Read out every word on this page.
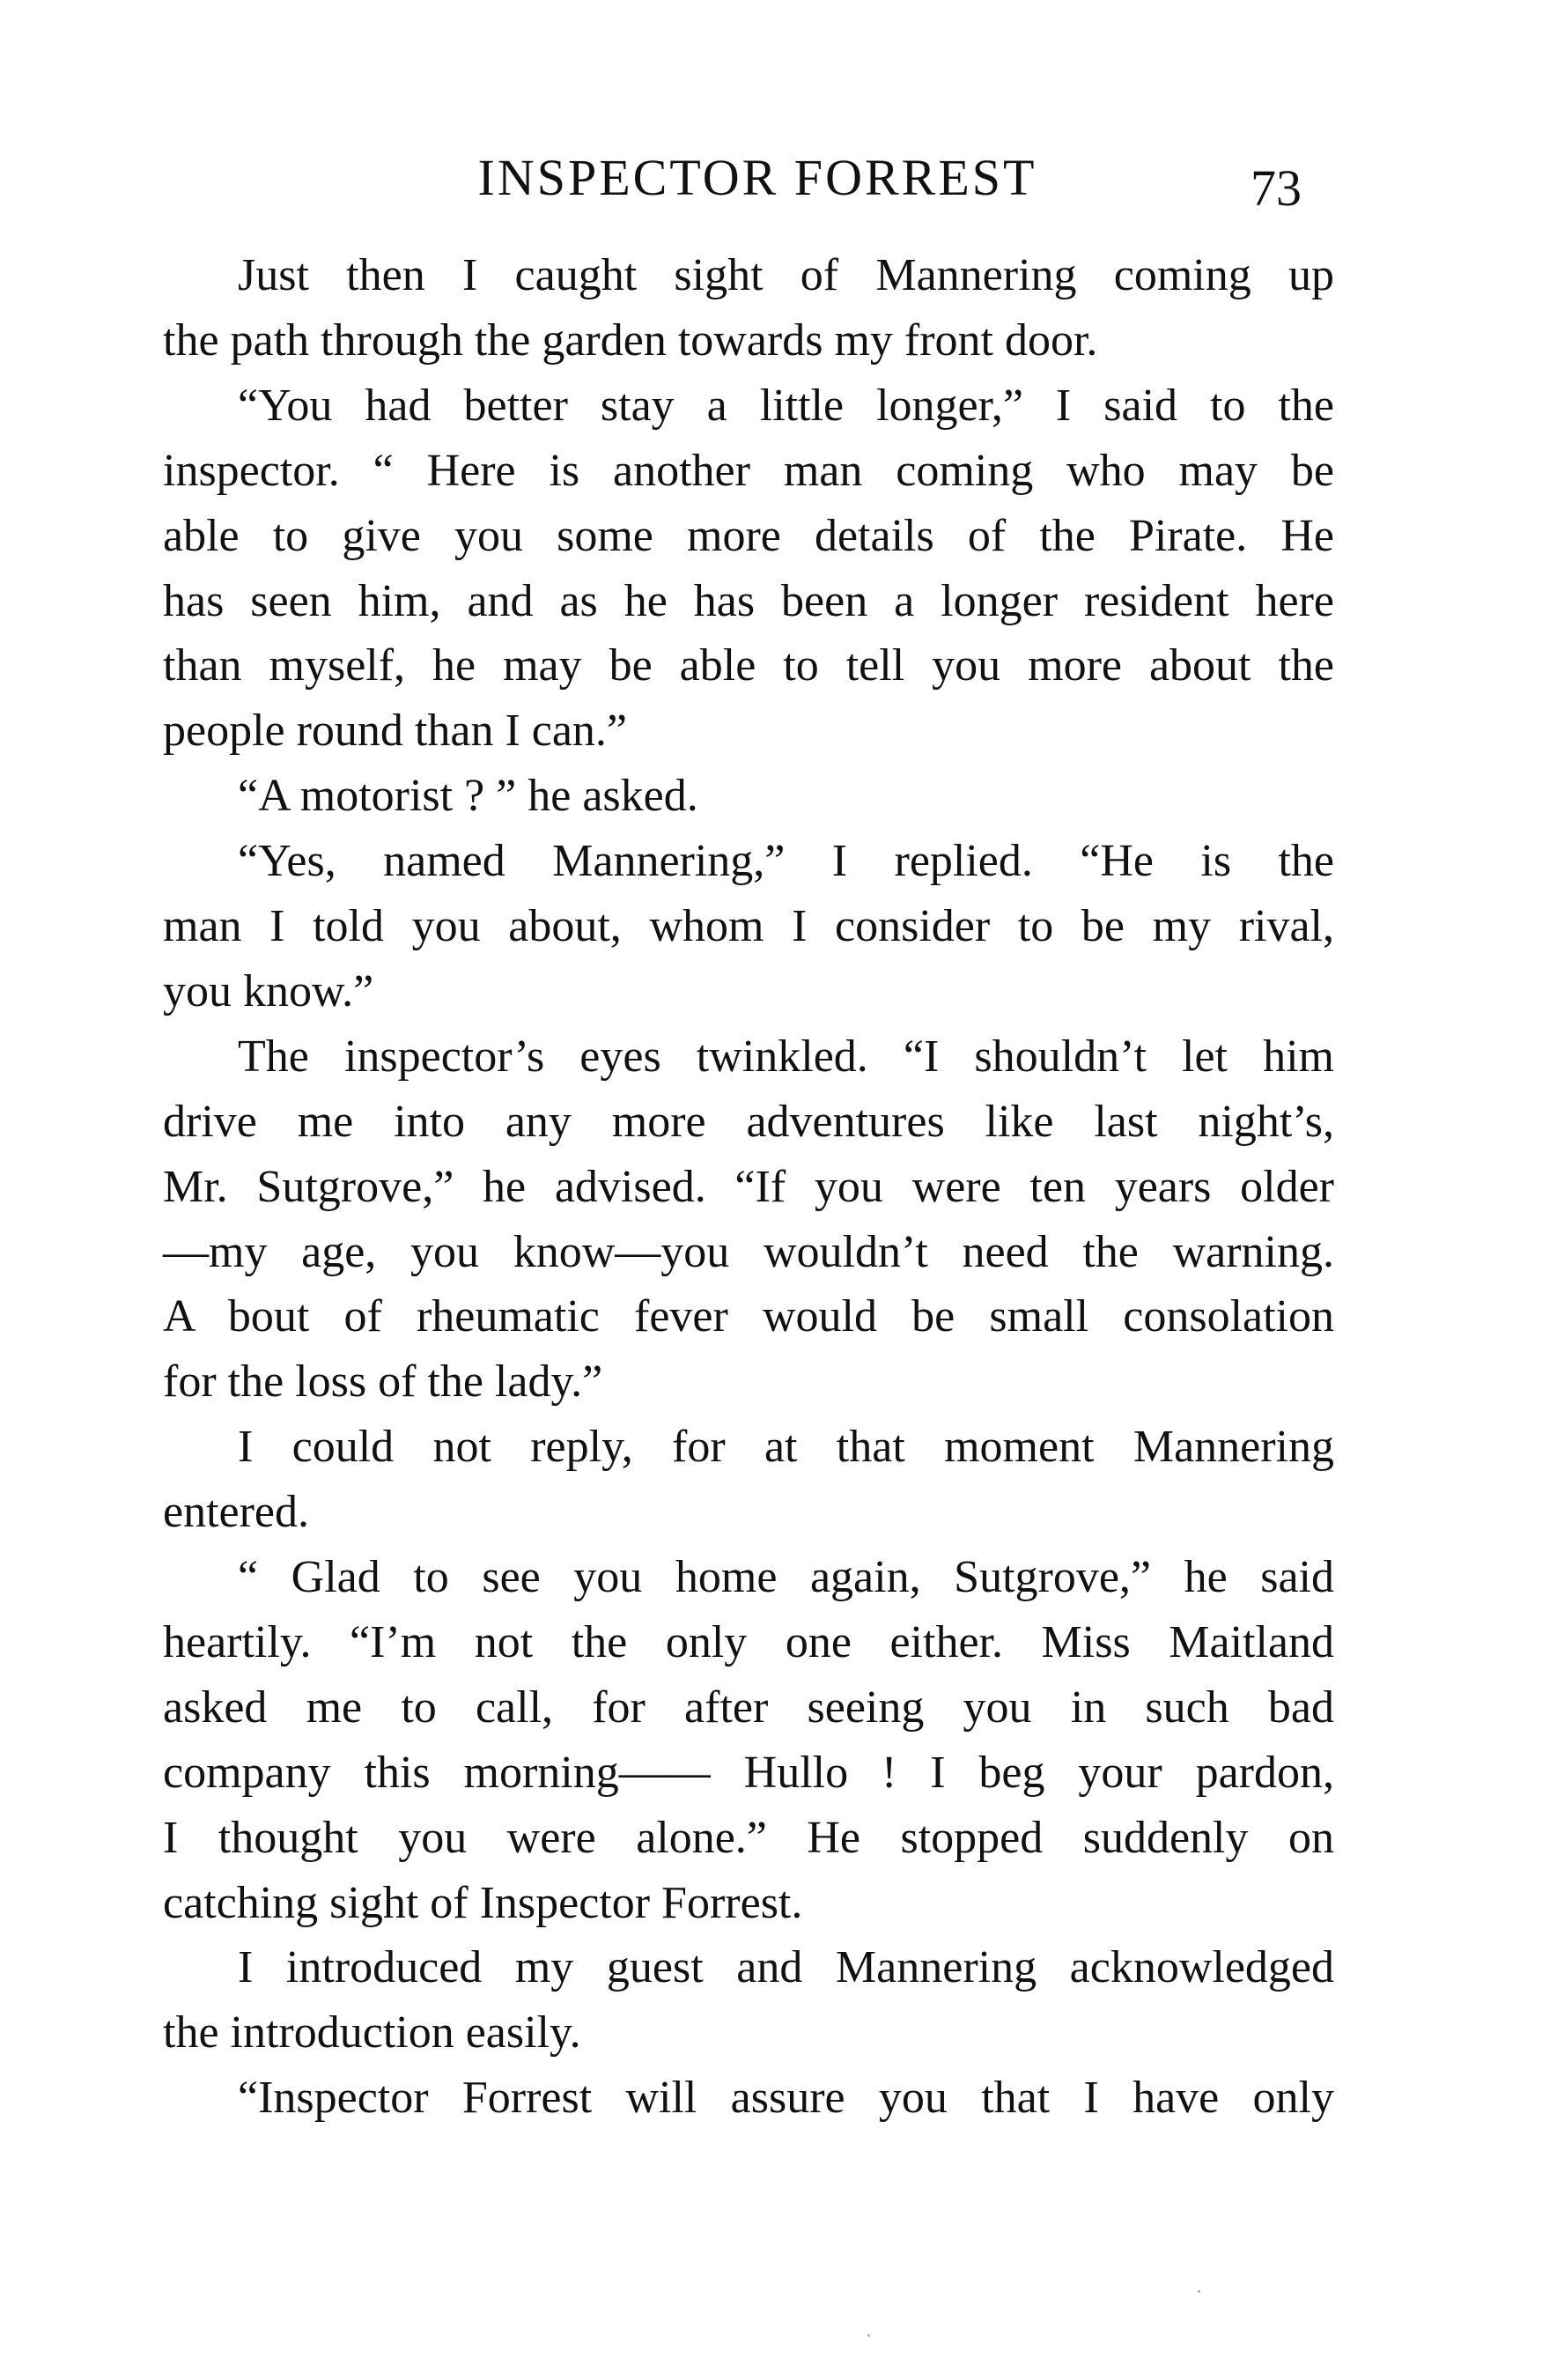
INSPECTOR FORREST	73
Just then I caught sight of Mannering coming up
the path through the garden towards my front door.
“You had better stay a little longer,” I said to the
inspector. “ Here is another man coming who may be
able to give you some more details of the Pirate. He
has seen him, and as he has been a longer resident here
than myself, he may be able to tell you more about the
people round than I can.”
“A motorist ? ” he asked.
“Yes, named Mannering,” I replied. “He is the
man I told you about, whom I consider to be my rival,
you know.”
The inspector’s eyes twinkled. “I shouldn’t let him
drive me into any more adventures like last night’s,
Mr. Sutgrove,” he advised. “If you were ten years older
—my age, you know—you wouldn’t need the warning.
A bout of rheumatic fever would be small consolation
for the loss of the lady.”
I could not reply, for at that moment Mannering
entered.
“ Glad to see you home again, Sutgrove,” he said
heartily. “I’m not the only one either. Miss Maitland
asked me to call, for after seeing you in such bad
company this morning—— Hullo ! I beg your pardon,
I thought you were alone.” He stopped suddenly on
catching sight of Inspector Forrest.
I introduced my guest and Mannering acknowledged
the introduction easily.
“Inspector Forrest will assure you that I have only
